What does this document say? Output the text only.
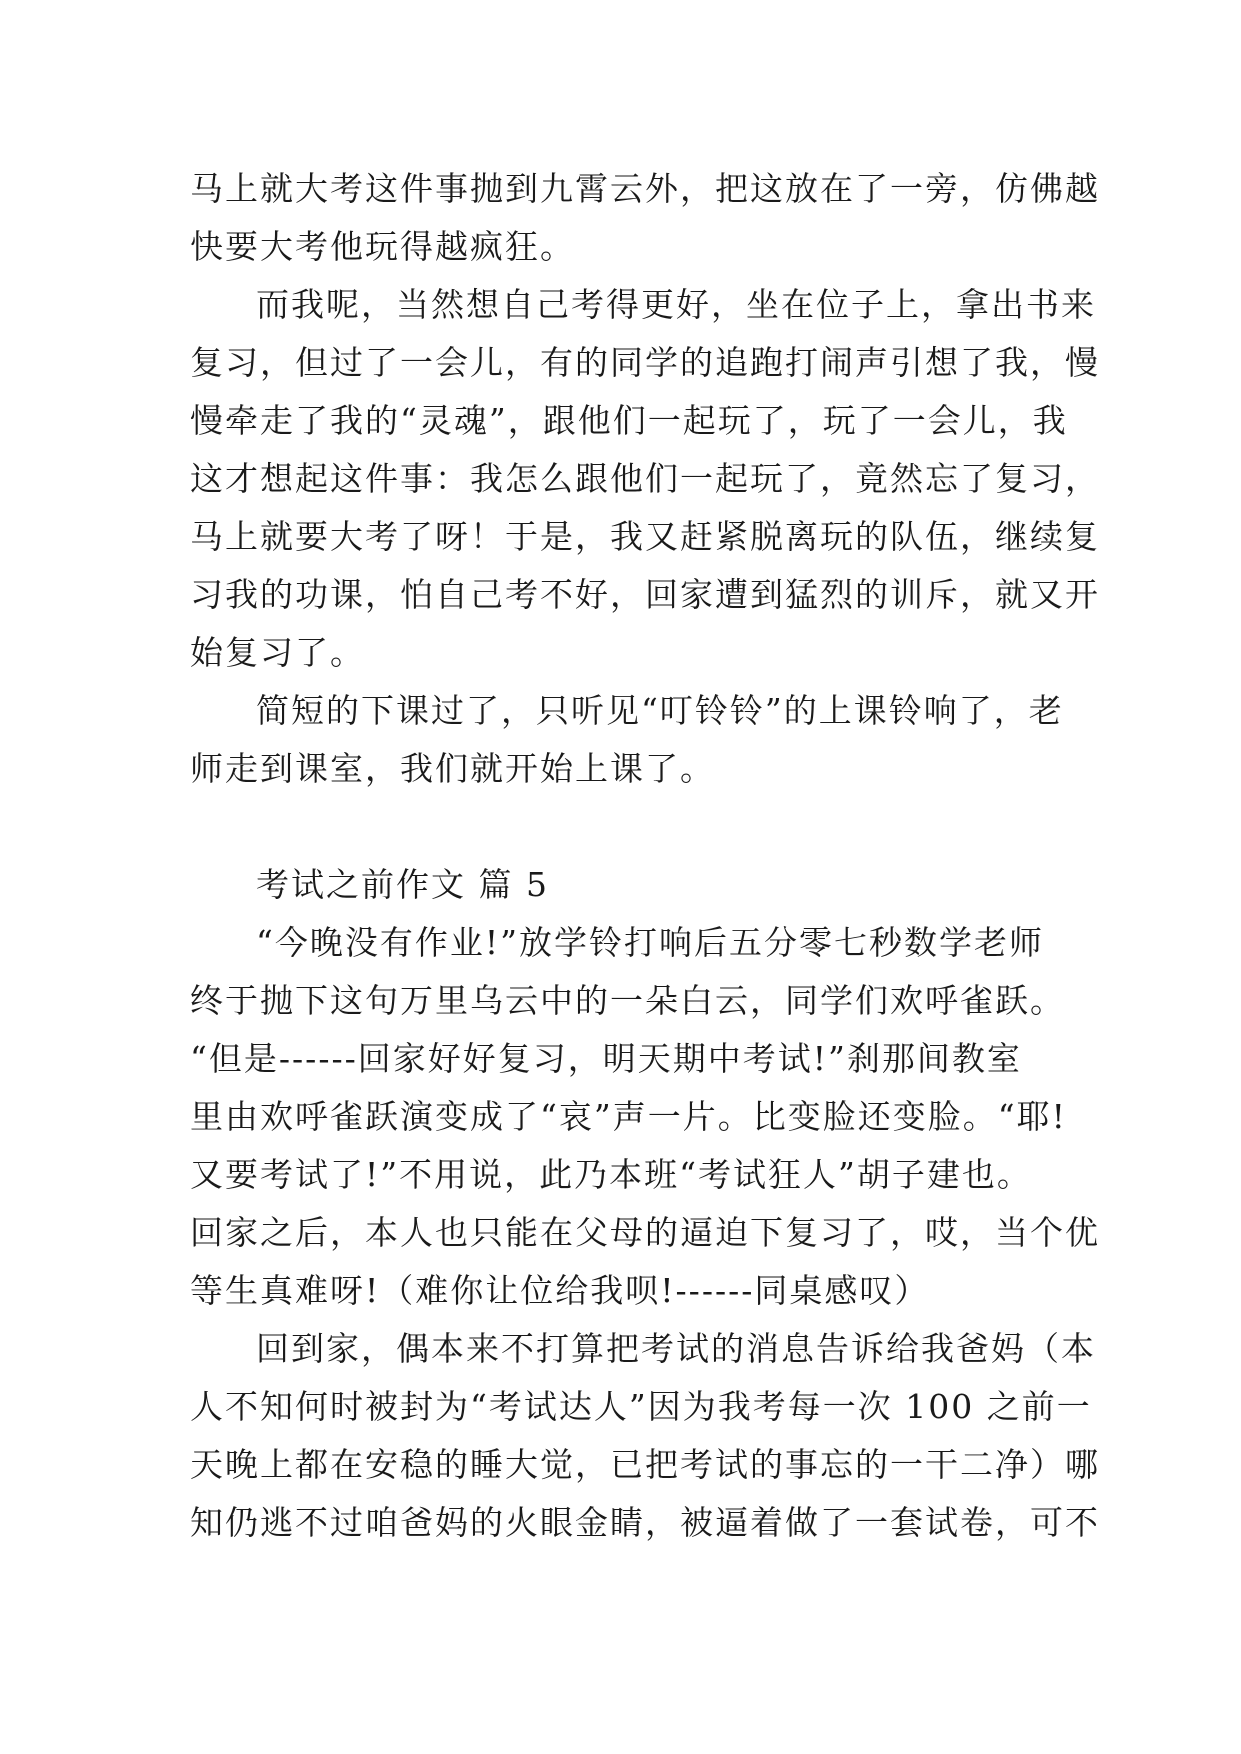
马上就大考这件事抛到九霄云外，把这放在了一旁，仿佛越
快要大考他玩得越疯狂。
而我呢，当然想自己考得更好，坐在位子上，拿出书来
复习，但过了一会儿，有的同学的追跑打闹声引想了我，慢
慢牵走了我的“灵魂”，跟他们一起玩了，玩了一会儿，我
这才想起这件事：我怎么跟他们一起玩了，竟然忘了复习，
马上就要大考了呀！于是，我又赶紧脱离玩的队伍，继续复
习我的功课，怕自己考不好，回家遭到猛烈的训斥，就又开
始复习了。
简短的下课过了，只听见“叮铃铃”的上课铃响了，老
师走到课室，我们就开始上课了。
考试之前作文 篇 5
“今晚没有作业!”放学铃打响后五分零七秒数学老师
终于抛下这句万里乌云中的一朵白云，同学们欢呼雀跃。
“但是------回家好好复习，明天期中考试!”刹那间教室
里由欢呼雀跃演变成了“哀”声一片。比变脸还变脸。“耶!
又要考试了!”不用说，此乃本班“考试狂人”胡子建也。
回家之后，本人也只能在父母的逼迫下复习了，哎，当个优
等生真难呀!（难你让位给我呗!------同桌感叹）
回到家，偶本来不打算把考试的消息告诉给我爸妈（本
人不知何时被封为“考试达人”因为我考每一次 100 之前一
天晚上都在安稳的睡大觉，已把考试的事忘的一干二净）哪
知仍逃不过咱爸妈的火眼金睛，被逼着做了一套试卷，可不
